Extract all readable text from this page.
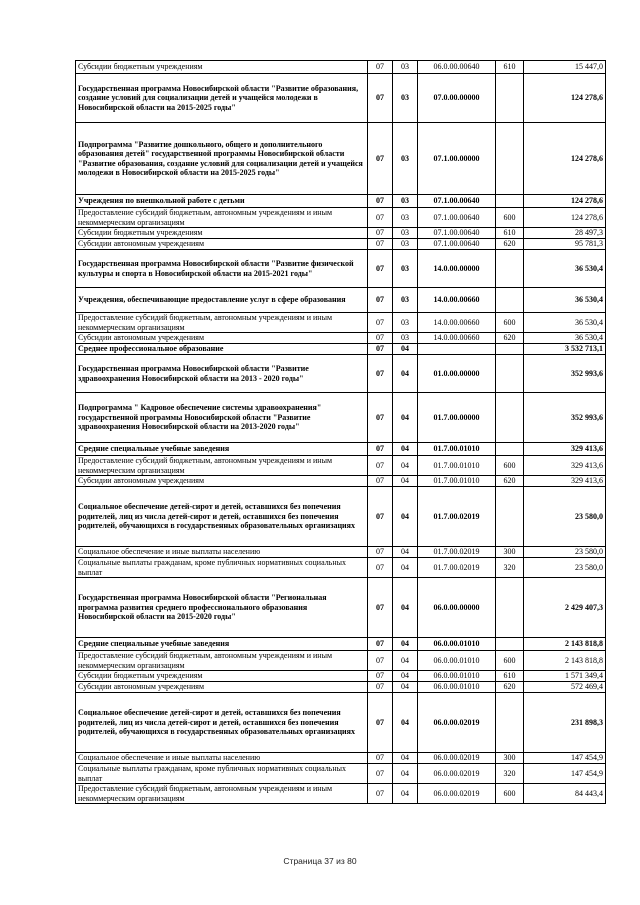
Субсидии бюджетным учреждениям	07	03	06.0.00.00640	610	15 447,0
Государственная программа Новосибирской области "Развитие образования, создание условий для социализации детей и учащейся молодежи в Новосибирской области на 2015-2025 годы"	07	03	07.0.00.00000		124 278,6
Подпрограмма "Развитие дошкольного, общего и дополнительного образования детей" государственной программы Новосибирской области "Развитие образования, создание условий для социализации детей и учащейся молодежи в Новосибирской области на 2015-2025 годы"	07	03	07.1.00.00000		124 278,6
Учреждения по внешкольной работе с детьми	07	03	07.1.00.00640		124 278,6
Предоставление субсидий бюджетным, автономным учреждениям и иным некоммерческим организациям	07	03	07.1.00.00640	600	124 278,6
Субсидии бюджетным учреждениям	07	03	07.1.00.00640	610	28 497,3
Субсидии автономным учреждениям	07	03	07.1.00.00640	620	95 781,3
Государственная программа Новосибирской области "Развитие физической культуры и спорта в Новосибирской области на 2015-2021 годы"	07	03	14.0.00.00000		36 530,4
Учреждения, обеспечивающие предоставление услуг в сфере образования	07	03	14.0.00.00660		36 530,4
Предоставление субсидий бюджетным, автономным учреждениям и иным некоммерческим организациям	07	03	14.0.00.00660	600	36 530,4
Субсидии автономным учреждениям	07	03	14.0.00.00660	620	36 530,4
Среднее профессиональное образование	07	04			3 532 713,1
Государственная программа Новосибирской области "Развитие здравоохранения Новосибирской области на 2013 - 2020 годы"	07	04	01.0.00.00000		352 993,6
Подпрограмма " Кадровое обеспечение системы здравоохранения" государственной программы Новосибирской области "Развитие здравоохранения Новосибирской области на 2013-2020 годы"	07	04	01.7.00.00000		352 993,6
Средние специальные учебные заведения	07	04	01.7.00.01010		329 413,6
Предоставление субсидий бюджетным, автономным учреждениям и иным некоммерческим организациям	07	04	01.7.00.01010	600	329 413,6
Субсидии автономным учреждениям	07	04	01.7.00.01010	620	329 413,6
Социальное обеспечение детей-сирот и детей, оставшихся без попечения родителей, лиц из числа детей-сирот и детей, оставшихся без попечения родителей, обучающихся в государственных образовательных организациях	07	04	01.7.00.02019		23 580,0
Социальное обеспечение и иные выплаты населению	07	04	01.7.00.02019	300	23 580,0
Социальные выплаты гражданам, кроме публичных нормативных социальных выплат	07	04	01.7.00.02019	320	23 580,0
Государственная программа Новосибирской области "Региональная программа развития среднего профессионального образования Новосибирской области на 2015-2020 годы"	07	04	06.0.00.00000		2 429 407,3
Средние специальные учебные заведения	07	04	06.0.00.01010		2 143 818,8
Предоставление субсидий бюджетным, автономным учреждениям и иным некоммерческим организациям	07	04	06.0.00.01010	600	2 143 818,8
Субсидии бюджетным учреждениям	07	04	06.0.00.01010	610	1 571 349,4
Субсидии автономным учреждениям	07	04	06.0.00.01010	620	572 469,4
Социальное обеспечение детей-сирот и детей, оставшихся без попечения родителей, лиц из числа детей-сирот и детей, оставшихся без попечения родителей, обучающихся в государственных образовательных организациях	07	04	06.0.00.02019		231 898,3
Социальное обеспечение и иные выплаты населению	07	04	06.0.00.02019	300	147 454,9
Социальные выплаты гражданам, кроме публичных нормативных социальных выплат	07	04	06.0.00.02019	320	147 454,9
Предоставление субсидий бюджетным, автономным учреждениям и иным некоммерческим организациям	07	04	06.0.00.02019	600	84 443,4
Страница 37 из 80
